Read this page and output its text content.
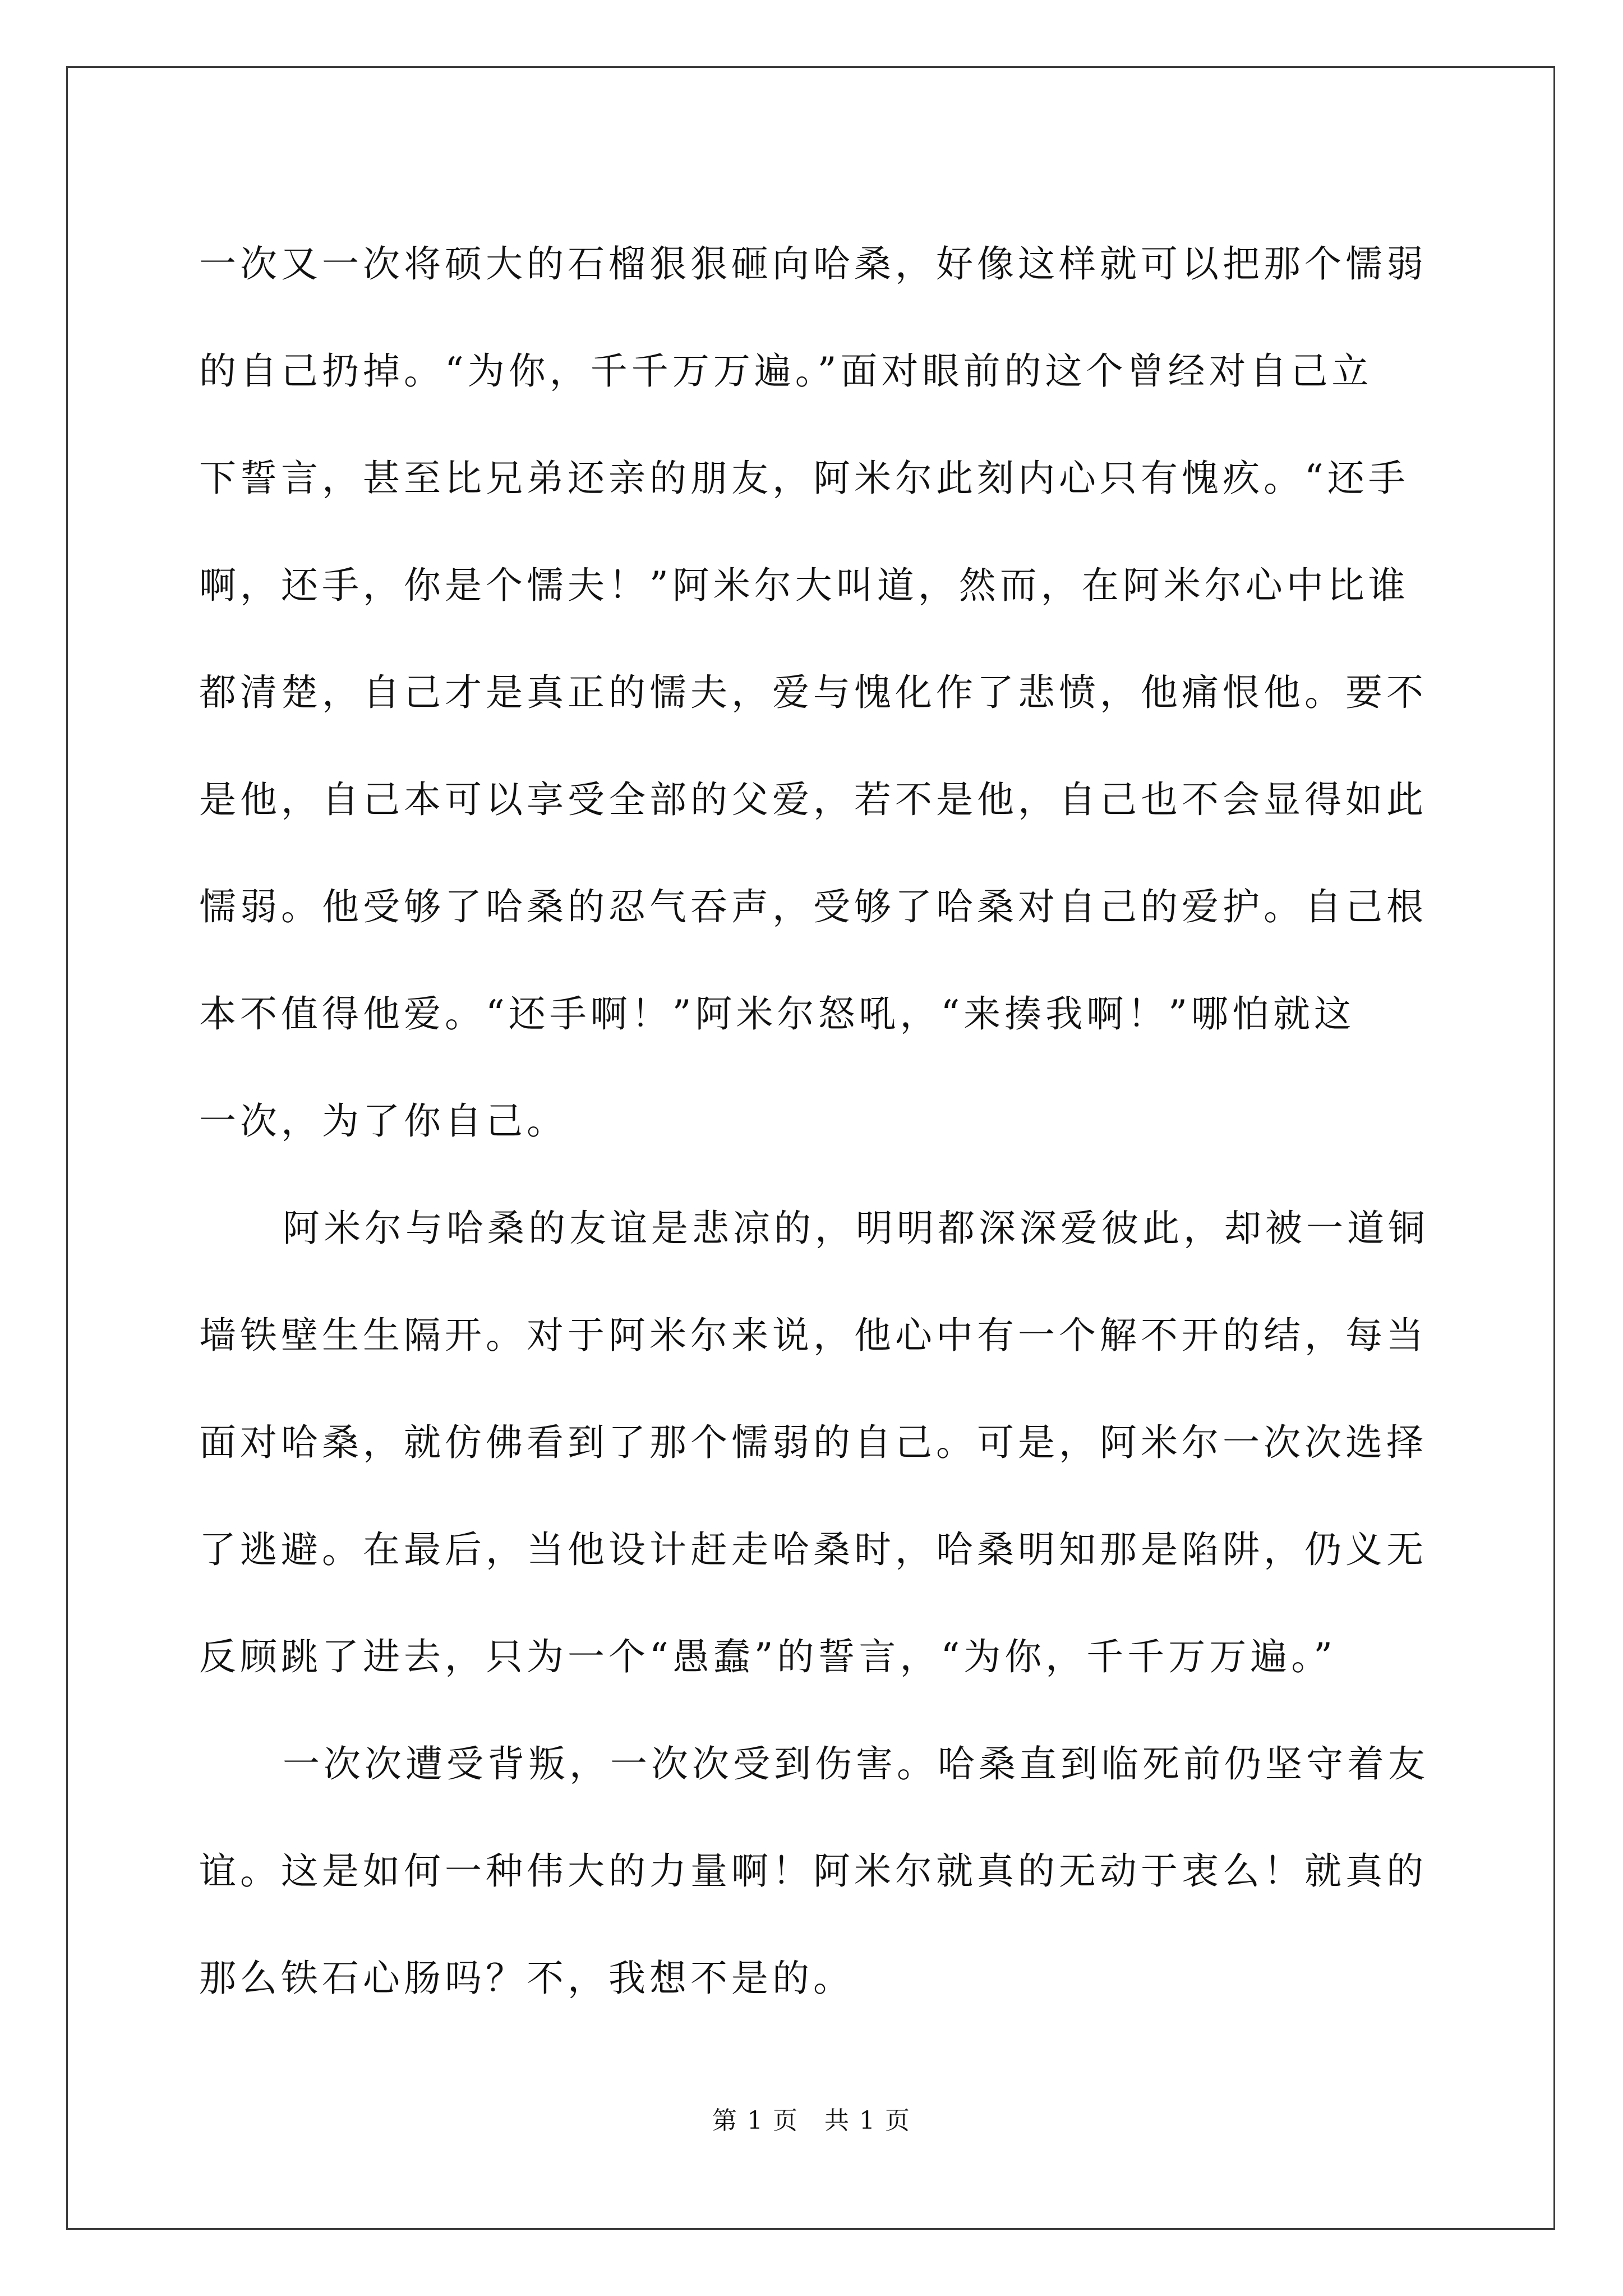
一次又一次将硕大的石榴狠狠砸向哈桑，好像这样就可以把那个懦弱
的自己扔掉。“为你，千千万万遍。”面对眼前的这个曾经对自己立
下誓言，甚至比兄弟还亲的朋友，阿米尔此刻内心只有愧疚。“还手
啊，还手，你是个懦夫！”阿米尔大叫道，然而，在阿米尔心中比谁
都清楚，自己才是真正的懦夫，爱与愧化作了悲愤，他痛恨他。要不
是他，自己本可以享受全部的父爱，若不是他，自己也不会显得如此
懦弱。他受够了哈桑的忍气吞声，受够了哈桑对自己的爱护。自己根
本不值得他爱。“还手啊！”阿米尔怒吼，“来揍我啊！”哪怕就这
一次，为了你自己。
阿米尔与哈桑的友谊是悲凉的，明明都深深爱彼此，却被一道铜
墙铁壁生生隔开。对于阿米尔来说，他心中有一个解不开的结，每当
面对哈桑，就仿佛看到了那个懦弱的自己。可是，阿米尔一次次选择
了逃避。在最后，当他设计赶走哈桑时，哈桑明知那是陷阱，仍义无
反顾跳了进去，只为一个“愚蠢”的誓言，“为你，千千万万遍。”
一次次遭受背叛，一次次受到伤害。哈桑直到临死前仍坚守着友
谊。这是如何一种伟大的力量啊！阿米尔就真的无动于衷么！就真的
那么铁石心肠吗？不，我想不是的。
第 1 页 共 1 页
